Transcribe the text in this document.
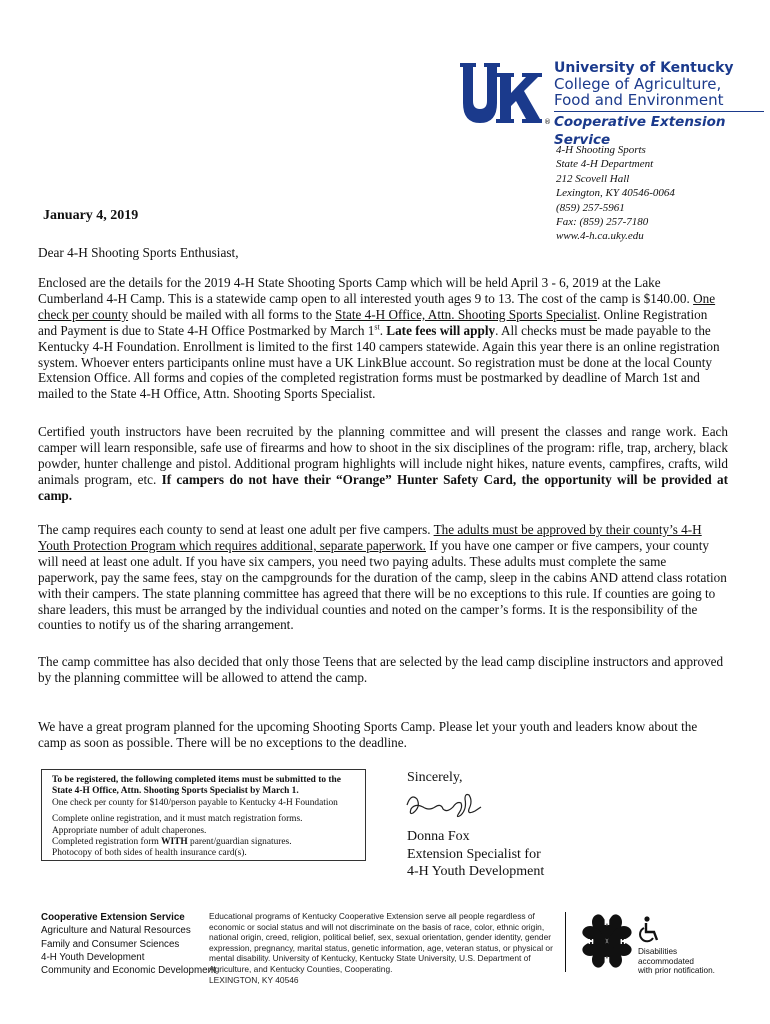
®
University of Kentucky
College of Agriculture,
Food and Environment
Cooperative Extension Service
4-H Shooting Sports
State 4-H Department
212 Scovell Hall
Lexington, KY 40546-0064
(859) 257-5961
Fax: (859) 257-7180
www.4-h.ca.uky.edu
January 4, 2019
Dear 4-H Shooting Sports Enthusiast,

Enclosed are the details for the 2019 4-H State Shooting Sports Camp which will be held April 3 - 6, 2019 at the Lake Cumberland 4-H Camp. This is a statewide camp open to all interested youth ages 9 to 13. The cost of the camp is $140.00. One check per county should be mailed with all forms to the State 4-H Office, Attn. Shooting Sports Specialist. Online Registration and Payment is due to State 4-H Office Postmarked by March 1st. Late fees will apply. All checks must be made payable to the Kentucky 4-H Foundation. Enrollment is limited to the first 140 campers statewide. Again this year there is an online registration system. Whoever enters participants online must have a UK LinkBlue account. So registration must be done at the local County Extension Office. All forms and copies of the completed registration forms must be postmarked by deadline of March 1st and mailed to the State 4-H Office, Attn. Shooting Sports Specialist.

Certified youth instructors have been recruited by the planning committee and will present the classes and range work. Each camper will learn responsible, safe use of firearms and how to shoot in the six disciplines of the program: rifle, trap, archery, black powder, hunter challenge and pistol. Additional program highlights will include night hikes, nature events, campfires, crafts, wild animals program, etc. If campers do not have their “Orange” Hunter Safety Card, the opportunity will be provided at camp.

The camp requires each county to send at least one adult per five campers. The adults must be approved by their county’s 4-H Youth Protection Program which requires additional, separate paperwork. If you have one camper or five campers, your county will need at least one adult. If you have six campers, you need two paying adults. These adults must complete the same paperwork, pay the same fees, stay on the campgrounds for the duration of the camp, sleep in the cabins AND attend class rotation with their campers. The state planning committee has agreed that there will be no exceptions to this rule. If counties are going to share leaders, this must be arranged by the individual counties and noted on the camper’s forms. It is the responsibility of the counties to notify us of the sharing arrangement.

The camp committee has also decided that only those Teens that are selected by the lead camp discipline instructors and approved by the planning committee will be allowed to attend the camp.

We have a great program planned for the upcoming Shooting Sports Camp. Please let your youth and leaders know about the camp as soon as possible. There will be no exceptions to the deadline.

To be registered, the following completed items must be submitted to the State 4-H Office, Attn. Shooting Sports Specialist by March 1.
One check per county for $140/person payable to Kentucky 4-H Foundation
Complete online registration, and it must match registration forms.
Appropriate number of adult chaperones.
Completed registration form WITH parent/guardian signatures.
Photocopy of both sides of health insurance card(s).
Sincerely,
Donna Fox
Extension Specialist for
4-H Youth Development
Cooperative Extension Service
Agriculture and Natural Resources
Family and Consumer Sciences
4-H Youth Development
Community and Economic Development
Educational programs of Kentucky Cooperative Extension serve all people regardless of economic or social status and will not discriminate on the basis of race, color, ethnic origin, national origin, creed, religion, political belief, sex, sexual orientation, gender identity, gender expression, pregnancy, marital status, genetic information, age, veteran status, or physical or mental disability. University of Kentucky, Kentucky State University, U.S. Department of Agriculture, and Kentucky Counties, Cooperating.
LEXINGTON, KY 40546
H
H	H
H
Disabilities
accommodated
with prior notification.
